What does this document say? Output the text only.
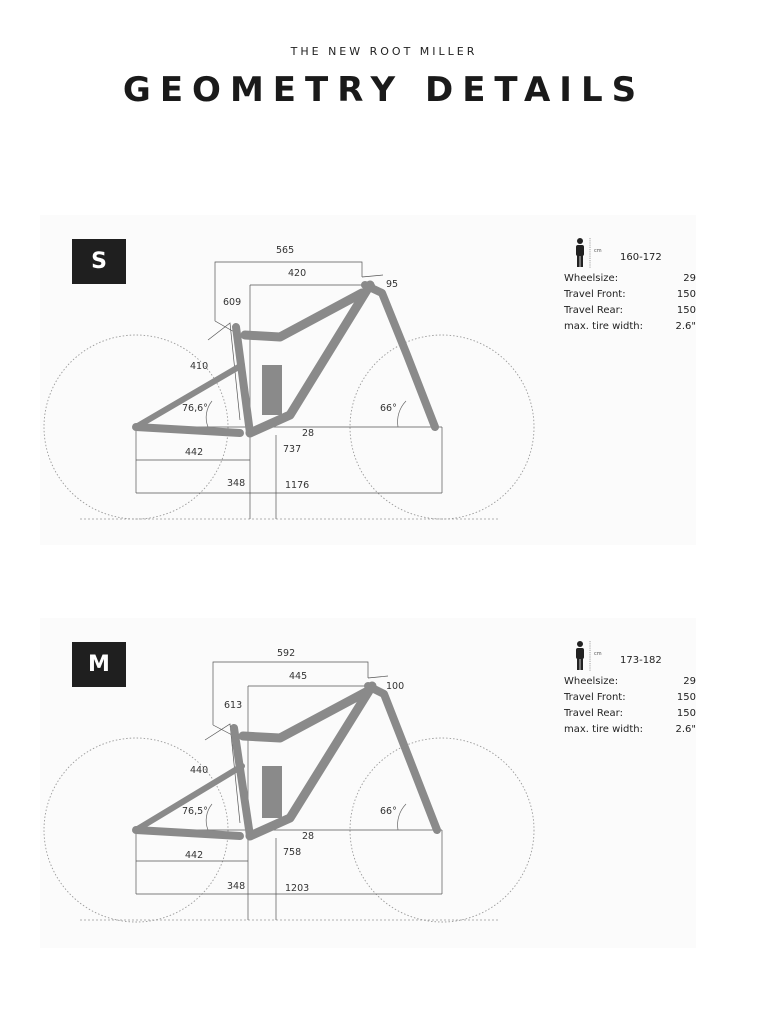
THE NEW ROOT MILLER
GEOMETRY DETAILS
565
420
95
609
410
76,6°	66°
28
737
442
348	1176
S	cm
160-172
Wheelsize:	29
Travel Front:	150
Travel Rear:	150
max. tire width:	2.6"
592
445
100
613
440
76,5°	66°
28
758
442
348	1203
M	cm
173-182
Wheelsize:	29
Travel Front:	150
Travel Rear:	150
max. tire width:	2.6"
